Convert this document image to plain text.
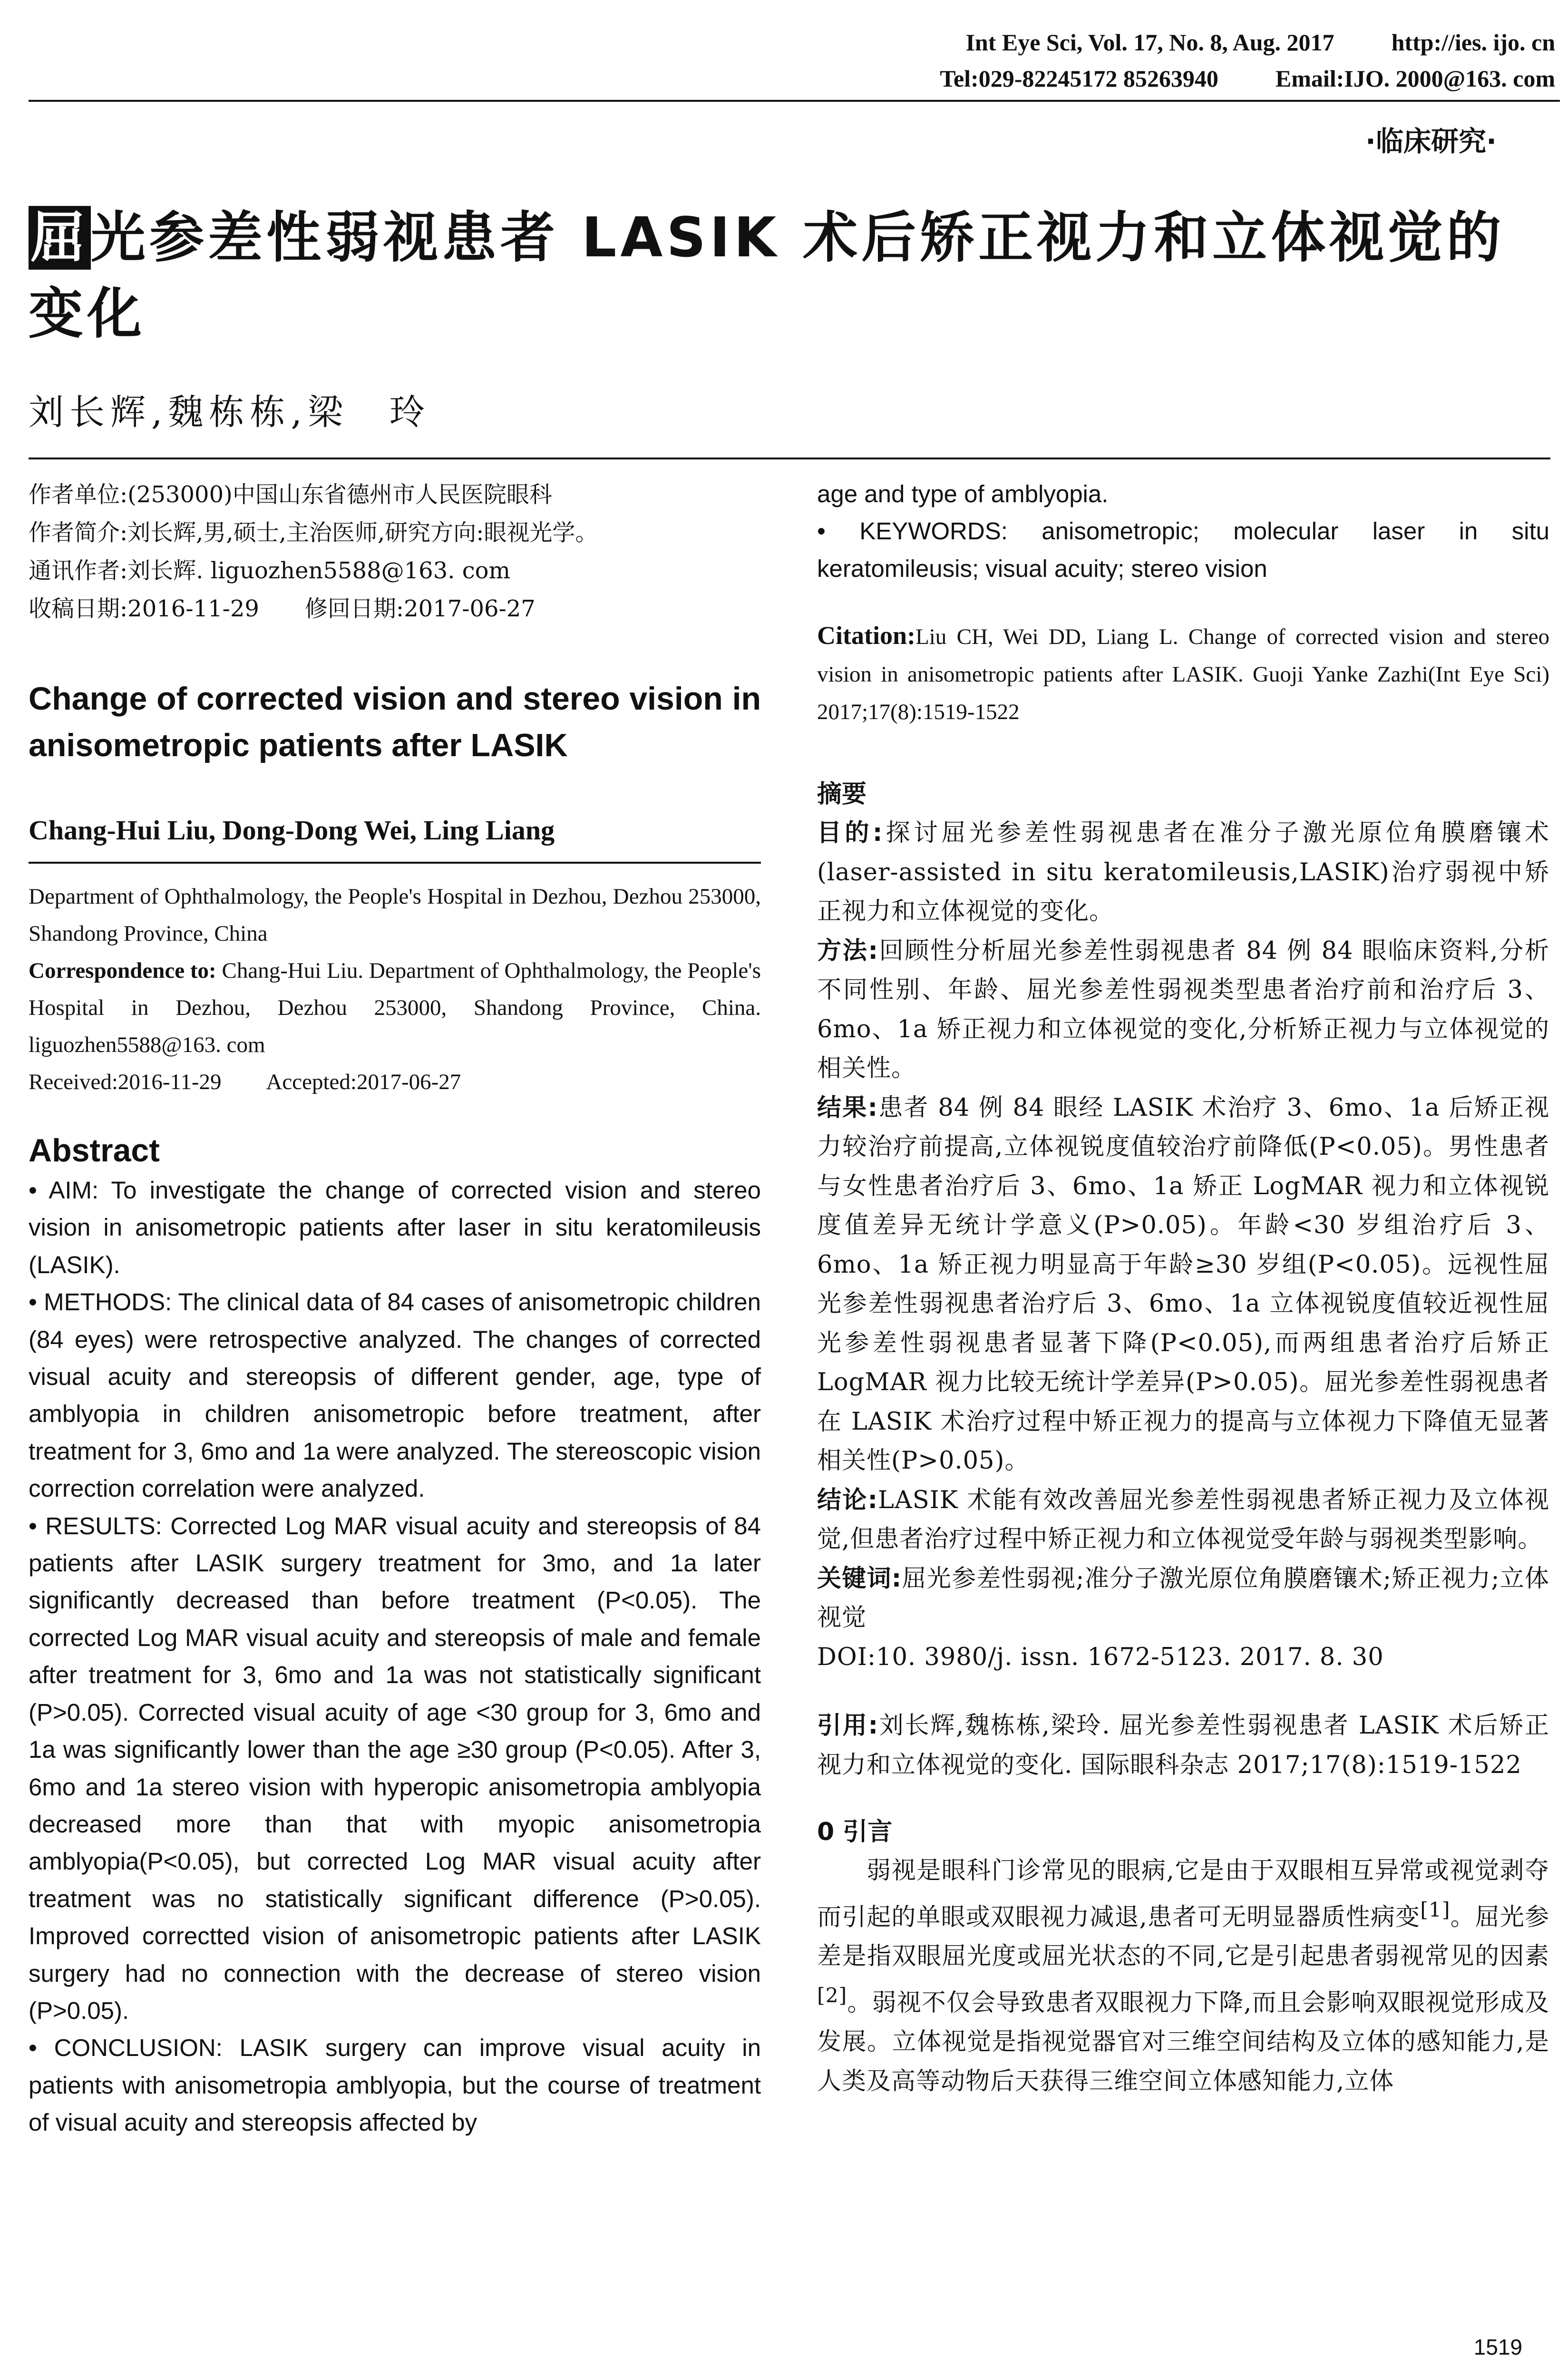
Int Eye Sci, Vol. 17, No. 8, Aug. 2017 http://ies. ijo. cn
Tel:029-82245172 85263940 Email:IJO. 2000@163. com
·临床研究·
屈光参差性弱视患者 LASIK 术后矫正视力和立体视觉的变化
刘长辉,魏栋栋,梁　玲
作者单位:(253000)中国山东省德州市人民医院眼科
作者简介:刘长辉,男,硕士,主治医师,研究方向:眼视光学。
通讯作者:刘长辉. liguozhen5588@163. com
收稿日期:2016-11-29　　修回日期:2017-06-27
Change of corrected vision and stereo vision in anisometropic patients after LASIK
Chang-Hui Liu, Dong-Dong Wei, Ling Liang
Department of Ophthalmology, the People's Hospital in Dezhou, Dezhou 253000, Shandong Province, China
Correspondence to: Chang-Hui Liu. Department of Ophthalmology, the People's Hospital in Dezhou, Dezhou 253000, Shandong Province, China. liguozhen5588@163. com
Received:2016-11-29　　Accepted:2017-06-27
Abstract

• AIM: To investigate the change of corrected vision and stereo vision in anisometropic patients after laser in situ keratomileusis (LASIK).

• METHODS: The clinical data of 84 cases of anisometropic children (84 eyes) were retrospective analyzed. The changes of corrected visual acuity and stereopsis of different gender, age, type of amblyopia in children anisometropic before treatment, after treatment for 3, 6mo and 1a were analyzed. The stereoscopic vision correction correlation were analyzed.

• RESULTS: Corrected Log MAR visual acuity and stereopsis of 84 patients after LASIK surgery treatment for 3mo, and 1a later significantly decreased than before treatment (P<0.05). The corrected Log MAR visual acuity and stereopsis of male and female after treatment for 3, 6mo and 1a was not statistically significant (P>0.05). Corrected visual acuity of age <30 group for 3, 6mo and 1a was significantly lower than the age ≥30 group (P<0.05). After 3, 6mo and 1a stereo vision with hyperopic anisometropia amblyopia decreased more than that with myopic anisometropia amblyopia(P<0.05), but corrected Log MAR visual acuity after treatment was no statistically significant difference (P>0.05). Improved correctted vision of anisometropic patients after LASIK surgery had no connection with the decrease of stereo vision (P>0.05).

• CONCLUSION: LASIK surgery can improve visual acuity in patients with anisometropia amblyopia, but the course of treatment of visual acuity and stereopsis affected by

age and type of amblyopia.

• KEYWORDS: anisometropic; molecular laser in situ keratomileusis; visual acuity; stereo vision

Citation:Liu CH, Wei DD, Liang L. Change of corrected vision and stereo vision in anisometropic patients after LASIK. Guoji Yanke Zazhi(Int Eye Sci) 2017;17(8):1519-1522
摘要

目的:探讨屈光参差性弱视患者在准分子激光原位角膜磨镶术(laser-assisted in situ keratomileusis,LASIK)治疗弱视中矫正视力和立体视觉的变化。

方法:回顾性分析屈光参差性弱视患者 84 例 84 眼临床资料,分析不同性别、年龄、屈光参差性弱视类型患者治疗前和治疗后 3、6mo、1a 矫正视力和立体视觉的变化,分析矫正视力与立体视觉的相关性。

结果:患者 84 例 84 眼经 LASIK 术治疗 3、6mo、1a 后矫正视力较治疗前提高,立体视锐度值较治疗前降低(P<0.05)。男性患者与女性患者治疗后 3、6mo、1a 矫正 LogMAR 视力和立体视锐度值差异无统计学意义(P>0.05)。年龄<30 岁组治疗后 3、6mo、1a 矫正视力明显高于年龄≥30 岁组(P<0.05)。远视性屈光参差性弱视患者治疗后 3、6mo、1a 立体视锐度值较近视性屈光参差性弱视患者显著下降(P<0.05),而两组患者治疗后矫正 LogMAR 视力比较无统计学差异(P>0.05)。屈光参差性弱视患者在 LASIK 术治疗过程中矫正视力的提高与立体视力下降值无显著相关性(P>0.05)。

结论:LASIK 术能有效改善屈光参差性弱视患者矫正视力及立体视觉,但患者治疗过程中矫正视力和立体视觉受年龄与弱视类型影响。

关键词:屈光参差性弱视;准分子激光原位角膜磨镶术;矫正视力;立体视觉

DOI:10. 3980/j. issn. 1672-5123. 2017. 8. 30

引用:刘长辉,魏栋栋,梁玲. 屈光参差性弱视患者 LASIK 术后矫正视力和立体视觉的变化. 国际眼科杂志 2017;17(8):1519-1522

0 引言

弱视是眼科门诊常见的眼病,它是由于双眼相互异常或视觉剥夺而引起的单眼或双眼视力减退,患者可无明显器质性病变[1]。屈光参差是指双眼屈光度或屈光状态的不同,它是引起患者弱视常见的因素[2]。弱视不仅会导致患者双眼视力下降,而且会影响双眼视觉形成及发展。立体视觉是指视觉器官对三维空间结构及立体的感知能力,是人类及高等动物后天获得三维空间立体感知能力,立体

1519
